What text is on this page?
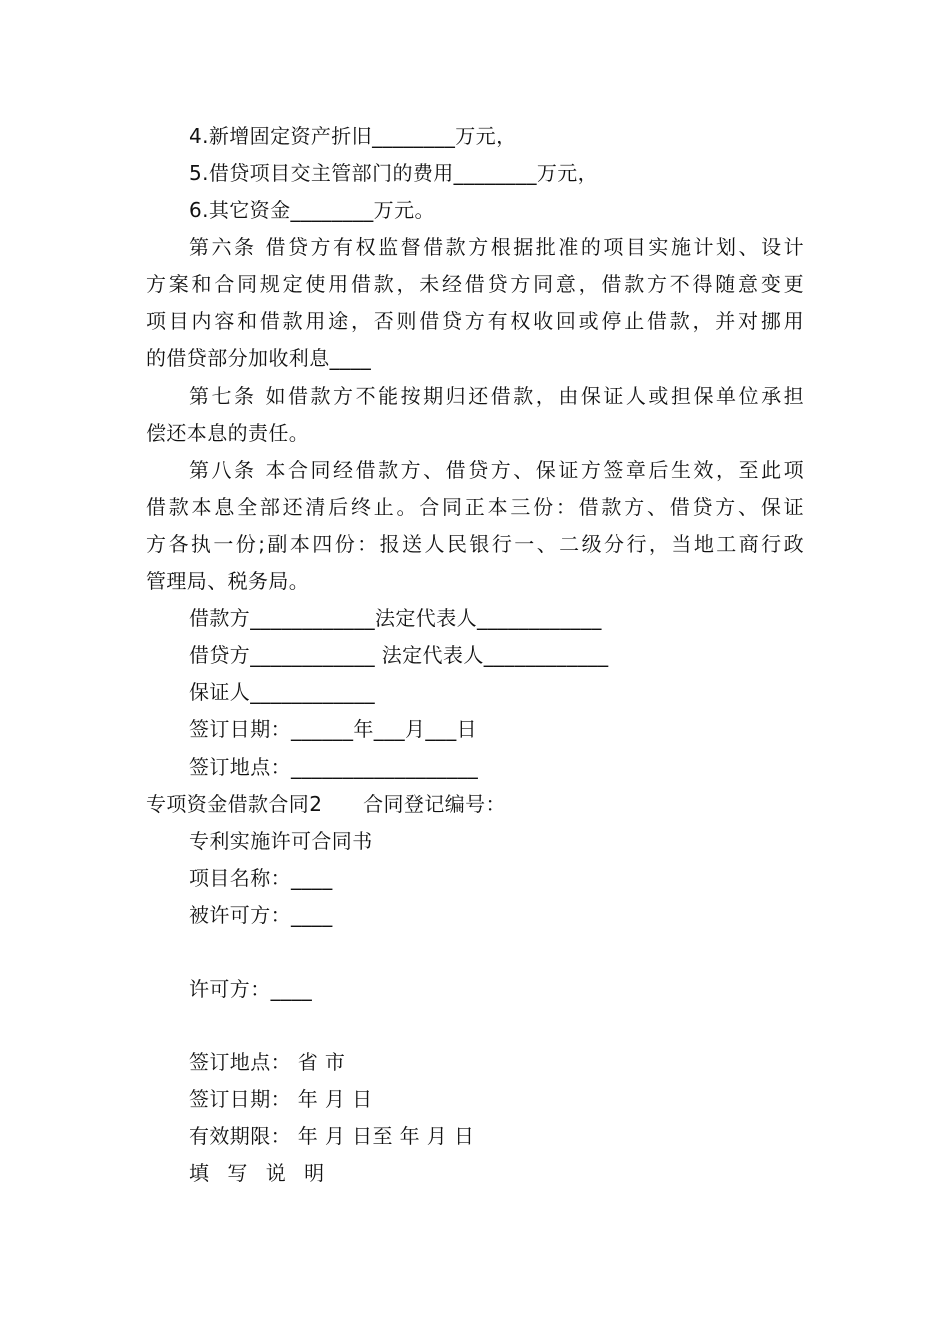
4.新增固定资产折旧________万元，
5.借贷项目交主管部门的费用________万元，
6.其它资金________万元。
第六条 借贷方有权监督借款方根据批准的项目实施计划、设计
方案和合同规定使用借款，未经借贷方同意，借款方不得随意变更
项目内容和借款用途，否则借贷方有权收回或停止借款，并对挪用
的借贷部分加收利息____
第七条 如借款方不能按期归还借款，由保证人或担保单位承担
偿还本息的责任。
第八条 本合同经借款方、借贷方、保证方签章后生效，至此项
借款本息全部还清后终止。合同正本三份：借款方、借贷方、保证
方各执一份;副本四份：报送人民银行一、二级分行，当地工商行政
管理局、税务局。
借款方____________法定代表人____________
借贷方____________ 法定代表人____________
保证人____________
签订日期：______年___月___日
签订地点：__________________
专项资金借款合同2　　合同登记编号：
专利实施许可合同书
项目名称：____
被许可方：____
许可方：____
签订地点： 省 市
签订日期： 年 月 日
有效期限： 年 月 日至 年 月 日
填 写 说 明
